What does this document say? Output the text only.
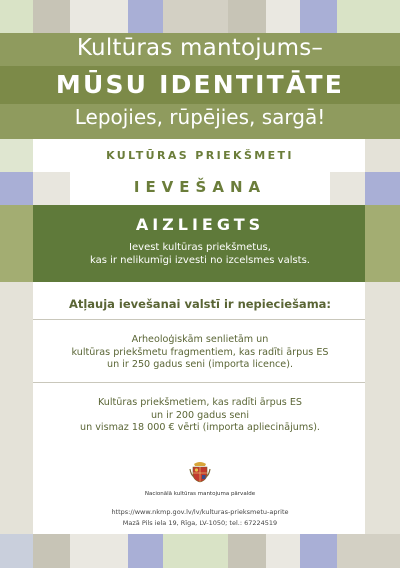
Kultūras mantojums–
MŪSU IDENTITĀTE
Lepojies, rūpējies, sargā!
KULTŪRAS PRIEKŠMETI
IEVEŠANA
AIZLIEGTS
Ievest kultūras priekšmetus,
kas ir nelikumīgi izvesti no izcelsmes valsts.
Atļauja ievešanai valstī ir nepieciešama:
Arheoloģiskām senlietām un
kultūras priekšmetu fragmentiem, kas radīti ārpus ES
un ir 250 gadus seni (importa licence).
Kultūras priekšmetiem, kas radīti ārpus ES
un ir 200 gadus seni
un vismaz 18 000 € vērti (importa apliecinājums).
Nacionālā kultūras mantojuma pārvalde
https://www.nkmp.gov.lv/lv/kulturas-prieksmetu-aprite
Mazā Pils iela 19, Rīga, LV-1050; tel.: 67224519
